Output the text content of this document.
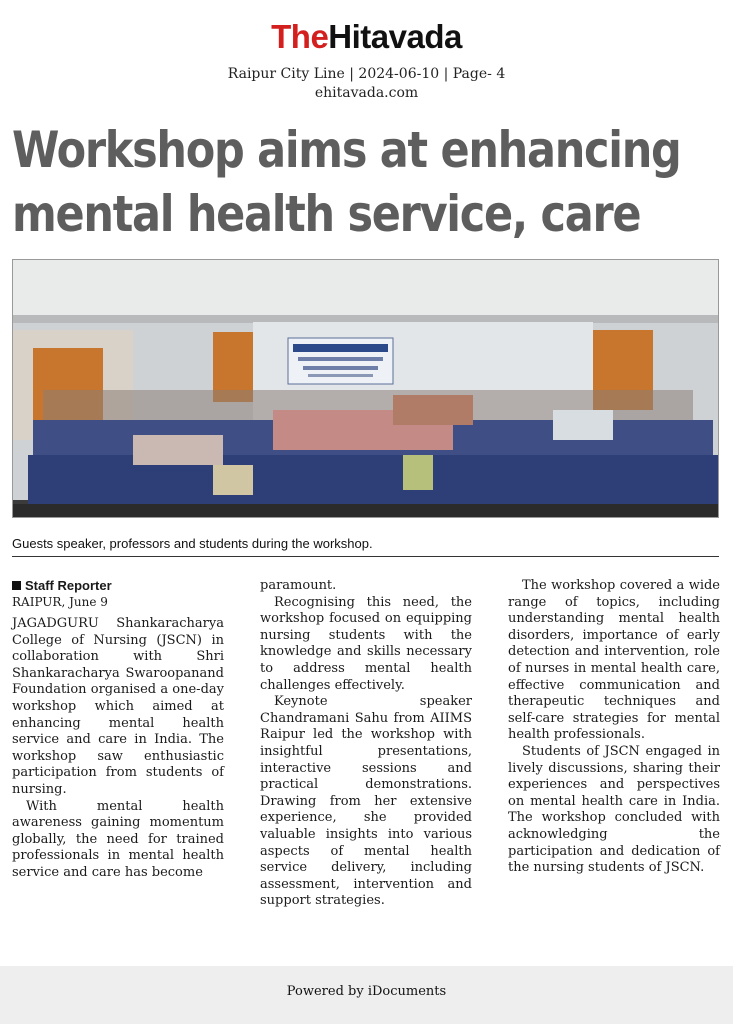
TheHitavada
Raipur City Line | 2024-06-10 | Page- 4
ehitavada.com
Workshop aims at enhancing
mental health service, care
Guests speaker, professors and students during the workshop.
Staff Reporter
RAIPUR, June 9

JAGADGURU Shankaracharya College of Nursing (JSCN) in collaboration with Shri Shankaracharya Swaroopanand Foundation organised a one-day workshop which aimed at enhancing mental health service and care in India. The workshop saw enthusiastic participation from students of nursing.

With mental health awareness gaining momentum globally, the need for trained professionals in mental health service and care has become

paramount.

Recognising this need, the workshop focused on equipping nursing students with the knowledge and skills necessary to address mental health challenges effectively.

Keynote speaker Chandramani Sahu from AIIMS Raipur led the workshop with insightful presentations, interactive sessions and practical demonstrations. Drawing from her extensive experience, she provided valuable insights into various aspects of mental health service delivery, including assessment, intervention and support strategies.

The workshop covered a wide range of topics, including understanding mental health disorders, importance of early detection and intervention, role of nurses in mental health care, effective communication and therapeutic techniques and self-care strategies for mental health professionals.

Students of JSCN engaged in lively discussions, sharing their experiences and perspectives on mental health care in India. The workshop concluded with acknowledging the participation and dedication of the nursing students of JSCN.

Powered by iDocuments
